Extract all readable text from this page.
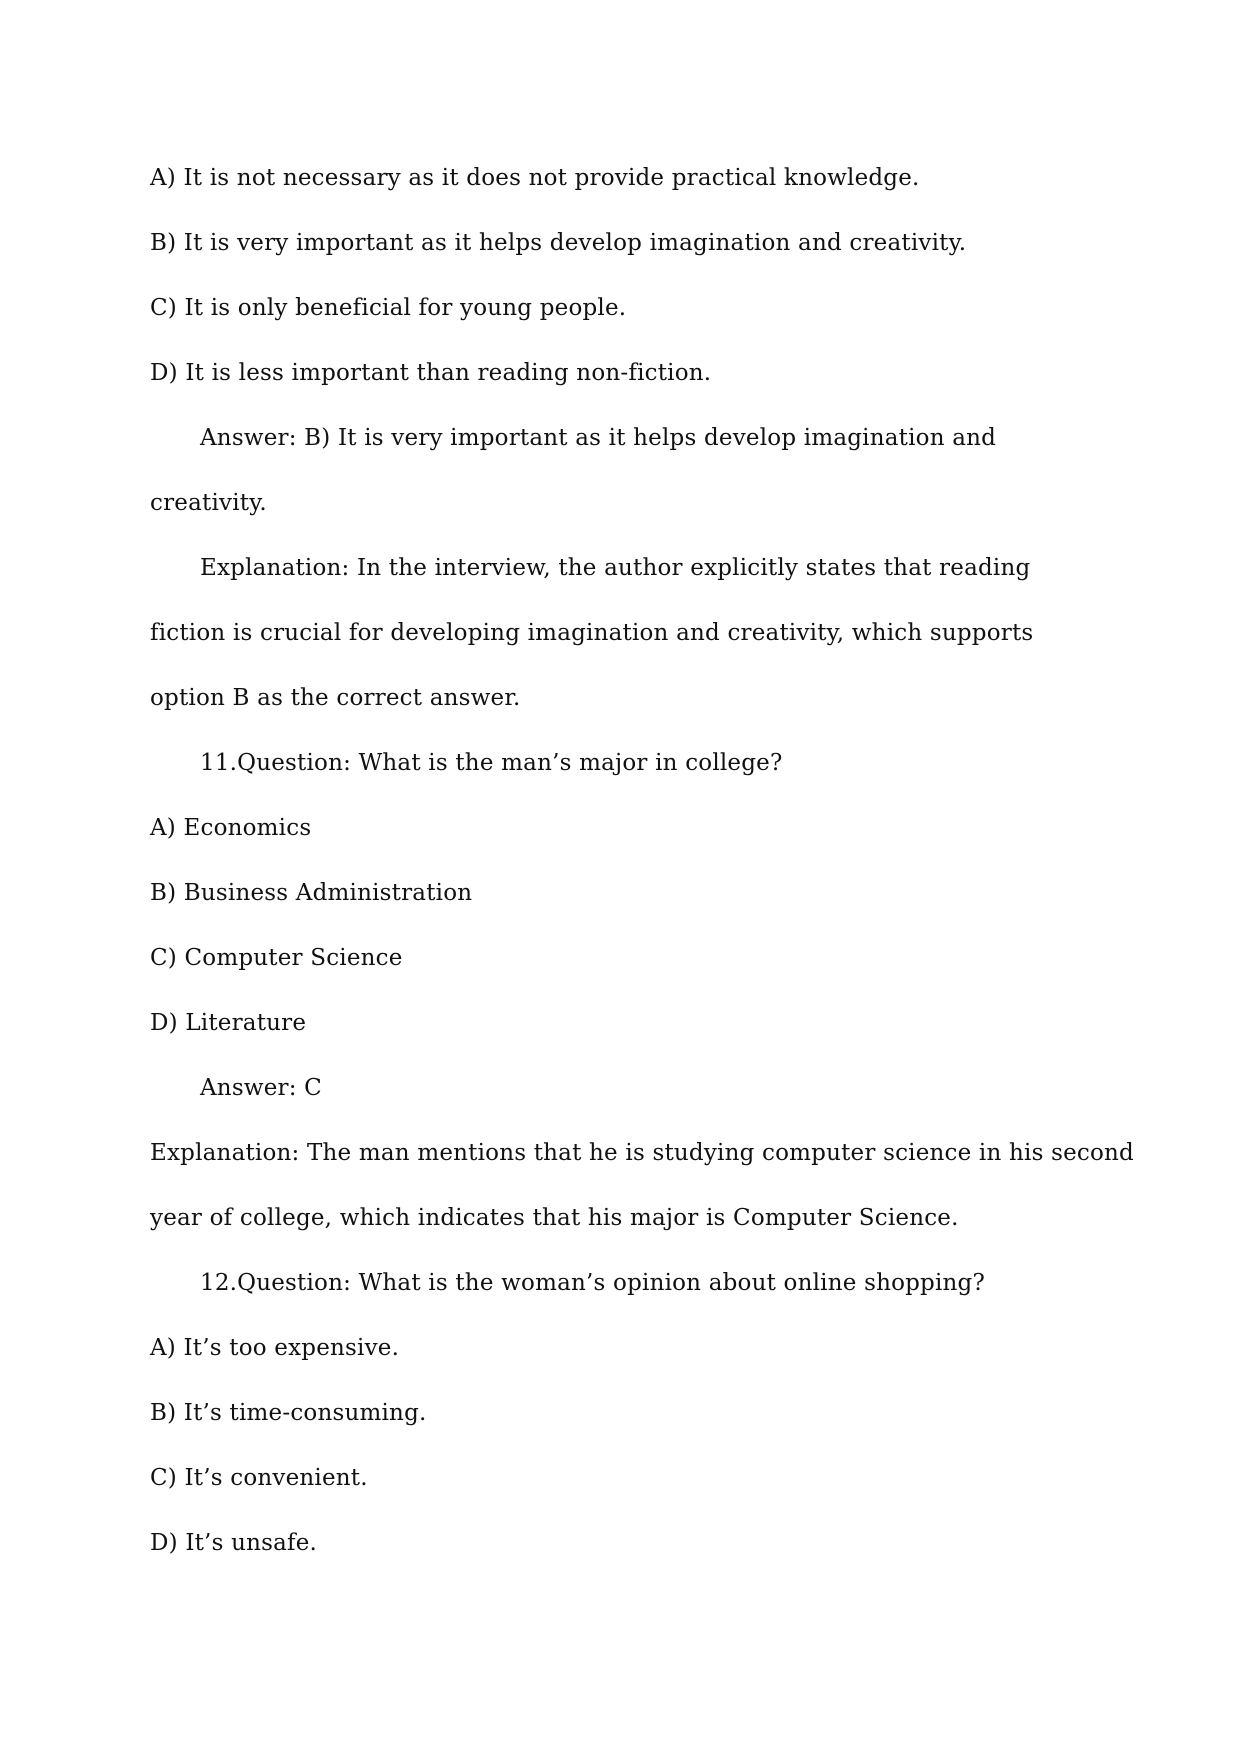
A) It is not necessary as it does not provide practical knowledge.
B) It is very important as it helps develop imagination and creativity.
C) It is only beneficial for young people.
D) It is less important than reading non-fiction.
Answer: B) It is very important as it helps develop imagination and
creativity.
Explanation: In the interview, the author explicitly states that reading
fiction is crucial for developing imagination and creativity, which supports
option B as the correct answer.
11.Question: What is the man’s major in college?
A) Economics
B) Business Administration
C) Computer Science
D) Literature
Answer: C
Explanation: The man mentions that he is studying computer science in his second
year of college, which indicates that his major is Computer Science.
12.Question: What is the woman’s opinion about online shopping?
A) It’s too expensive.
B) It’s time-consuming.
C) It’s convenient.
D) It’s unsafe.
